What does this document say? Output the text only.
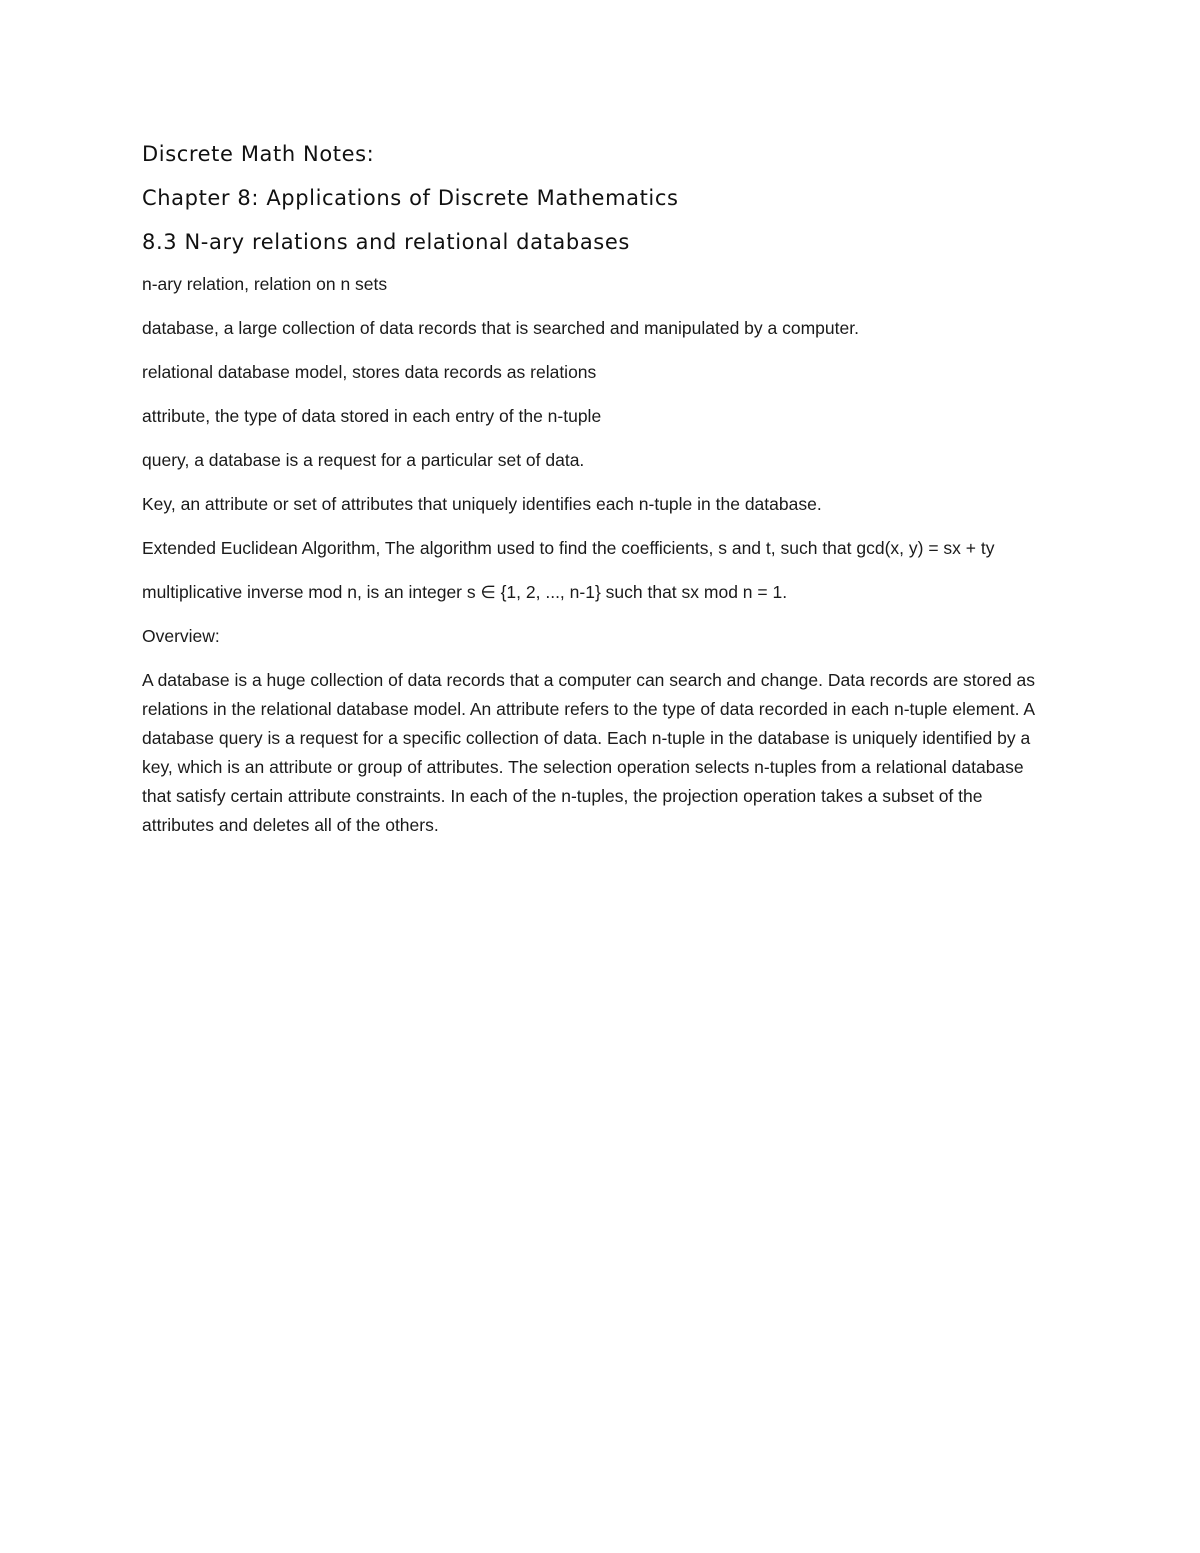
Discrete Math Notes:
Chapter 8: Applications of Discrete Mathematics
8.3 N-ary relations and relational databases

n-ary relation, relation on n sets

database, a large collection of data records that is searched and manipulated by a computer.

relational database model, stores data records as relations

attribute, the type of data stored in each entry of the n-tuple

query, a database is a request for a particular set of data.

Key, an attribute or set of attributes that uniquely identifies each n-tuple in the database.

Extended Euclidean Algorithm, The algorithm used to find the coefficients, s and t, such that gcd(x, y) = sx + ty

multiplicative inverse mod n, is an integer s ∈ {1, 2, ..., n-1} such that sx mod n = 1.

Overview:

A database is a huge collection of data records that a computer can search and change. Data records are stored as relations in the relational database model. An attribute refers to the type of data recorded in each n-tuple element. A database query is a request for a specific collection of data. Each n-tuple in the database is uniquely identified by a key, which is an attribute or group of attributes. The selection operation selects n-tuples from a relational database that satisfy certain attribute constraints. In each of the n-tuples, the projection operation takes a subset of the attributes and deletes all of the others.
